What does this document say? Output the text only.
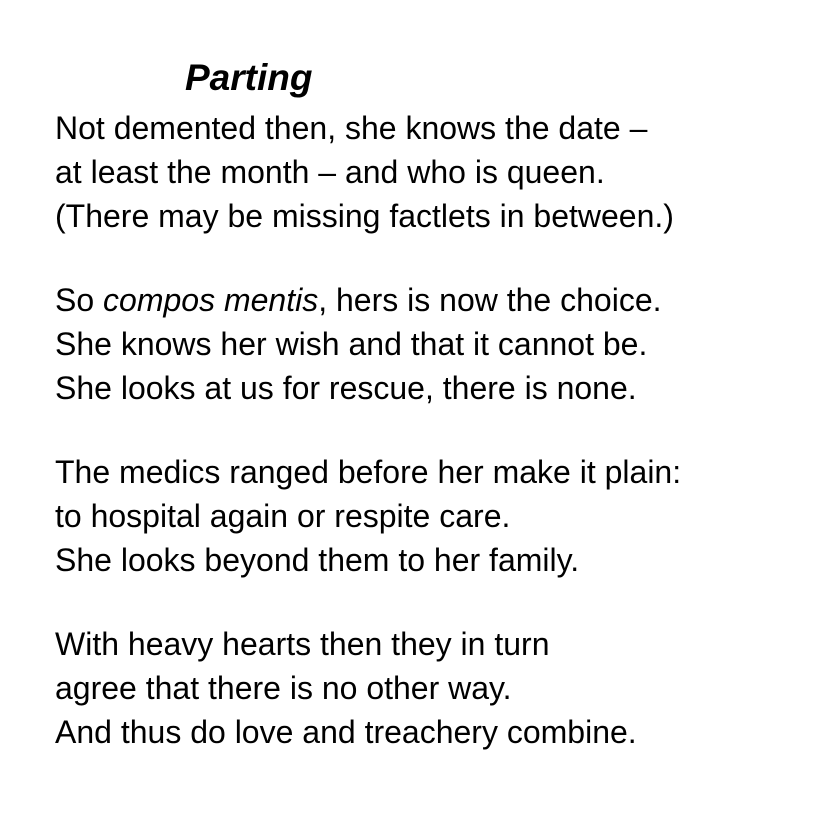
Parting
Not demented then, she knows the date –
at least the month – and who is queen.
(There may be missing factlets in between.)
So compos mentis, hers is now the choice.
She knows her wish and that it cannot be.
She looks at us for rescue, there is none.
The medics ranged before her make it plain:
to hospital again or respite care.
She looks beyond them to her family.
With heavy hearts then they in turn
agree that there is no other way.
And thus do love and treachery combine.
